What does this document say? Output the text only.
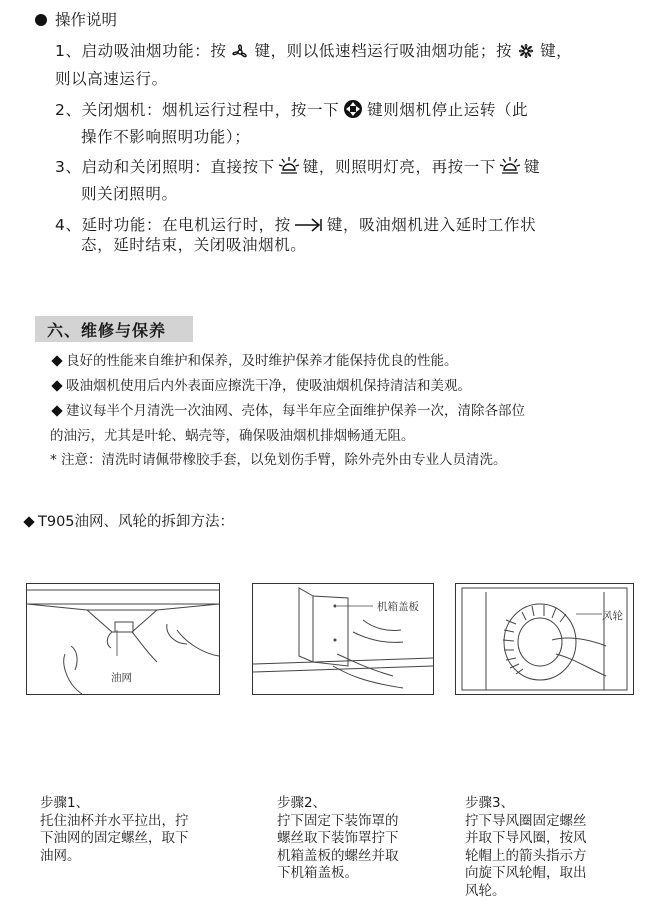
操作说明
1、启动吸油烟功能：按 键，则以低速档运行吸油烟功能；按 键，
则以高速运行。
2、关闭烟机：烟机运行过程中，按一下 键则烟机停止运转（此
操作不影响照明功能）；
3、启动和关闭照明：直接按下 键，则照明灯亮，再按一下 键
则关闭照明。
4、延时功能：在电机运行时，按 键，吸油烟机进入延时工作状
态，延时结束，关闭吸油烟机。
六、维修与保养
良好的性能来自维护和保养，及时维护保养才能保持优良的性能。
吸油烟机使用后内外表面应擦洗干净，使吸油烟机保持清洁和美观。
建议每半个月清洗一次油网、壳体，每半年应全面维护保养一次，清除各部位
的油污，尤其是叶轮、蜗壳等，确保吸油烟机排烟畅通无阻。
* 注意：清洗时请佩带橡胶手套，以免划伤手臂，除外壳外由专业人员清洗。
T905油网、风轮的拆卸方法：
油网
机箱盖板
风轮
步骤1、
托住油杯并水平拉出，拧
下油网的固定螺丝，取下
油网。
步骤2、
拧下固定下装饰罩的
螺丝取下装饰罩拧下
机箱盖板的螺丝并取
下机箱盖板。
步骤3、
拧下导风圈固定螺丝
并取下导风圈，按风
轮帽上的箭头指示方
向旋下风轮帽，取出
风轮。
